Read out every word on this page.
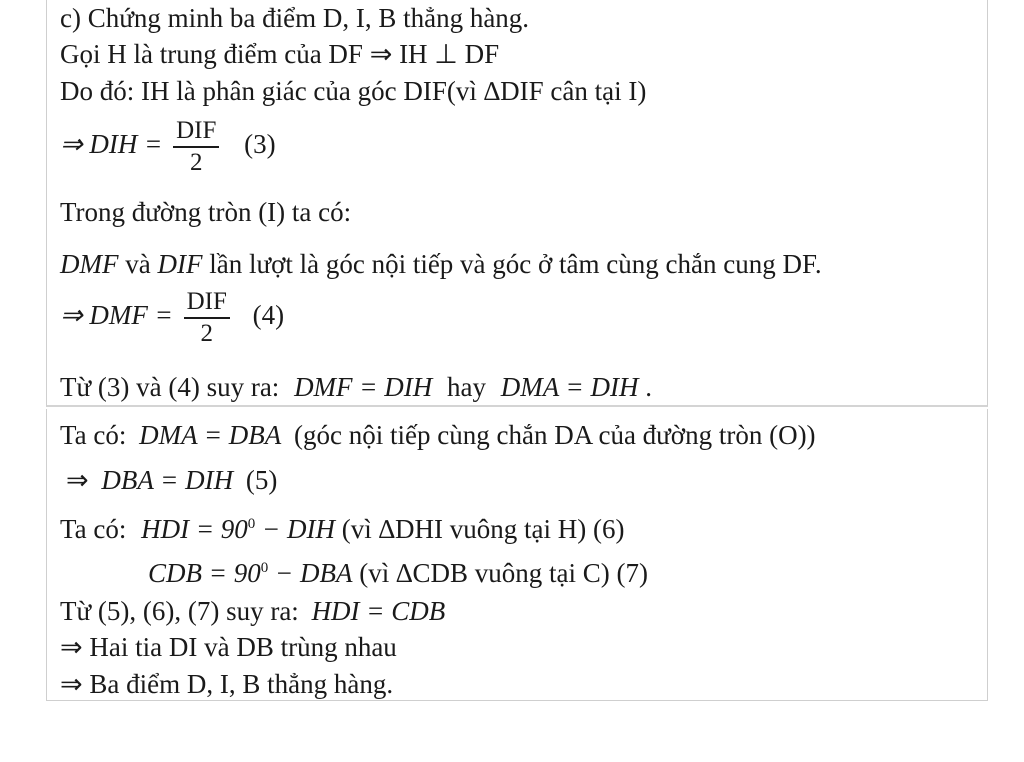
c) Chứng minh ba điểm D, I, B thẳng hàng.
Gọi H là trung điểm của DF ⇒ IH ⊥ DF
Do đó: IH là phân giác của góc DIF(vì ∆DIF cân tại I)
⇒ DIH = $\frac{\text{DIF}}{2} (3)$
Trong đường tròn (I) ta có:
DMF và DIF lần lượt là góc nội tiếp và góc ở tâm cùng chắn cung DF.
⇒ DMF = $\frac{\text{DIF}}{2} (4)$
Từ (3) và (4) suy ra: DMF = DIH hay DMA = DIH .
Ta có: DMA = DBA (góc nội tiếp cùng chắn DA của đường tròn (O))
⇒ DBA = DIH (5)
Ta có: HDI = $90^0$ − DIH (vì ∆DHI vuông tại H) (6)
CDB = $90^0$ − DBA (vì ∆CDB vuông tại C) (7)
Từ (5), (6), (7) suy ra: HDI = CDB
⇒ Hai tia DI và DB trùng nhau
⇒ Ba điểm D, I, B thẳng hàng.
